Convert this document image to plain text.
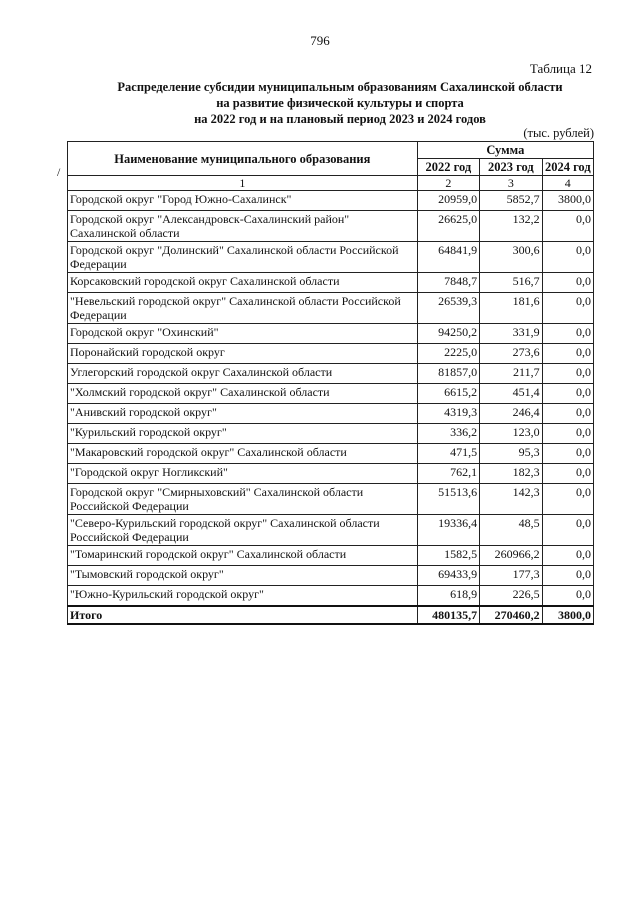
796
Таблица 12
Распределение субсидии муниципальным образованиям Сахалинской области
на развитие физической культуры и спорта
на 2022 год и на плановый период 2023 и 2024 годов
(тыс. рублей)
/
Наименование муниципального образования	Сумма		
	2022 год	2023 год	2024 год
1	2	3	4
Городской округ "Город Южно-Сахалинск"	20959,0	5852,7	3800,0
Городской округ "Александровск-Сахалинский район" Сахалинской области	26625,0	132,2	0,0
Городской округ "Долинский" Сахалинской области Российской Федерации	64841,9	300,6	0,0
Корсаковский городской округ Сахалинской области	7848,7	516,7	0,0
"Невельский городской округ" Сахалинской области Российской Федерации	26539,3	181,6	0,0
Городской округ "Охинский"	94250,2	331,9	0,0
Поронайский городской округ	2225,0	273,6	0,0
Углегорский городской округ Сахалинской области	81857,0	211,7	0,0
"Холмский городской округ" Сахалинской области	6615,2	451,4	0,0
"Анивский городской округ"	4319,3	246,4	0,0
"Курильский городской округ"	336,2	123,0	0,0
"Макаровский городской округ" Сахалинской области	471,5	95,3	0,0
"Городской округ Ногликский"	762,1	182,3	0,0
Городской округ "Смирныховский" Сахалинской области Российской Федерации	51513,6	142,3	0,0
"Северо-Курильский городской округ" Сахалинской области Российской Федерации	19336,4	48,5	0,0
"Томаринский городской округ" Сахалинской области	1582,5	260966,2	0,0
"Тымовский городской округ"	69433,9	177,3	0,0
"Южно-Курильский городской округ"	618,9	226,5	0,0
Итого	480135,7	270460,2	3800,0
